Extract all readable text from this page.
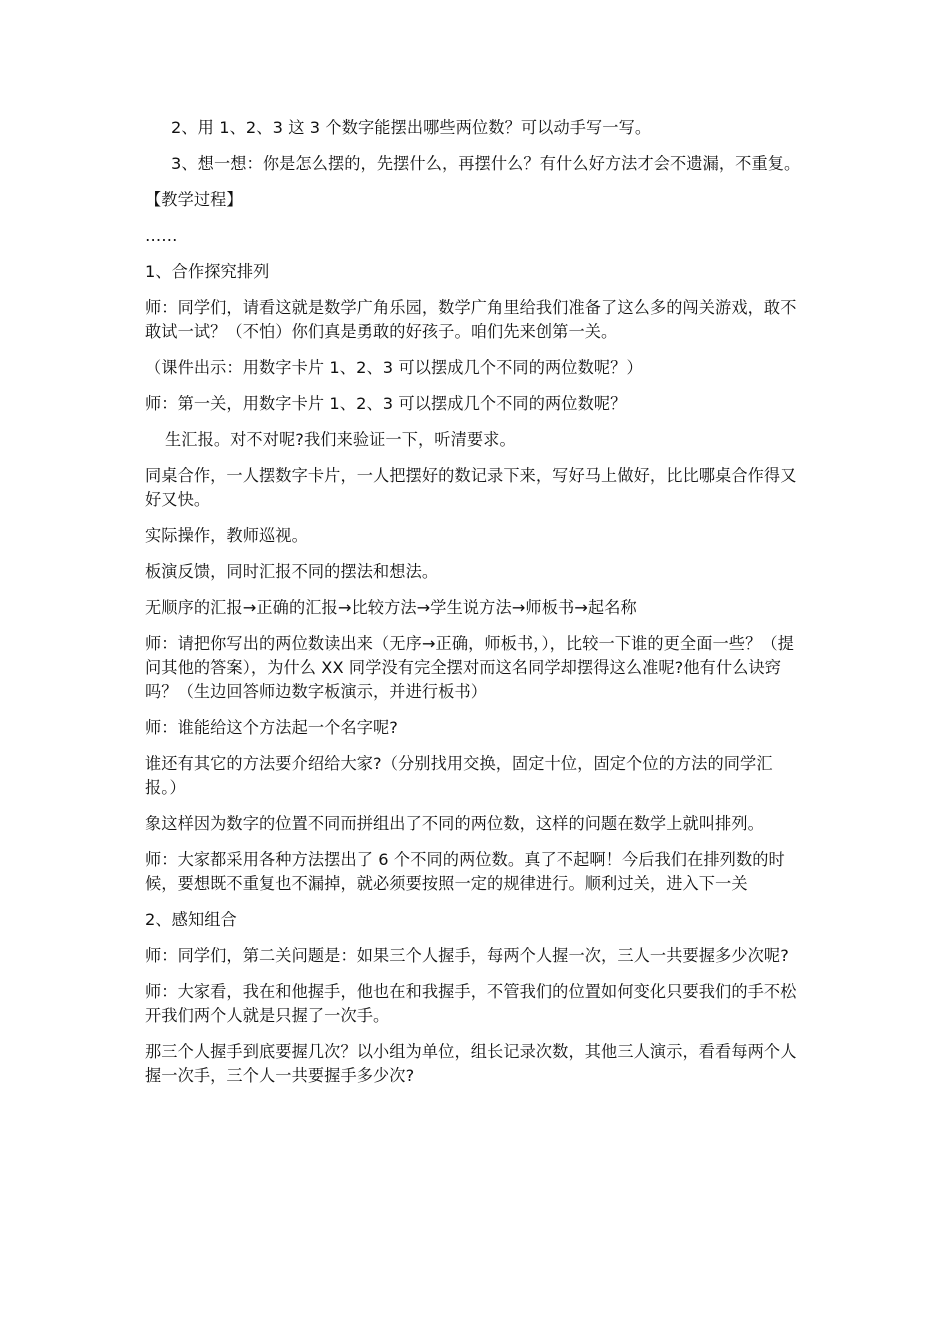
2、用 1、2、3 这 3 个数字能摆出哪些两位数？可以动手写一写。

3、想一想：你是怎么摆的，先摆什么，再摆什么？有什么好方法才会不遗漏，不重复。

【教学过程】

……

1、合作探究排列

师：同学们，请看这就是数学广角乐园，数学广角里给我们准备了这么多的闯关游戏，敢不敢试一试？（不怕）你们真是勇敢的好孩子。咱们先来创第一关。

（课件出示：用数字卡片 1、2、3 可以摆成几个不同的两位数呢？）

师：第一关，用数字卡片 1、2、3 可以摆成几个不同的两位数呢？

生汇报。对不对呢?我们来验证一下，听清要求。

同桌合作，一人摆数字卡片，一人把摆好的数记录下来，写好马上做好，比比哪桌合作得又好又快。

实际操作，教师巡视。

板演反馈，同时汇报不同的摆法和想法。

无顺序的汇报→正确的汇报→比较方法→学生说方法→师板书→起名称

师：请把你写出的两位数读出来（无序→正确，师板书，），比较一下谁的更全面一些？（提问其他的答案），为什么 XX 同学没有完全摆对而这名同学却摆得这么准呢?他有什么诀窍吗？（生边回答师边数字板演示，并进行板书）

师：谁能给这个方法起一个名字呢?

谁还有其它的方法要介绍给大家?（分别找用交换，固定十位，固定个位的方法的同学汇报。）

象这样因为数字的位置不同而拼组出了不同的两位数，这样的问题在数学上就叫排列。

师：大家都采用各种方法摆出了 6 个不同的两位数。真了不起啊！今后我们在排列数的时候，要想既不重复也不漏掉，就必须要按照一定的规律进行。顺利过关，进入下一关

2、感知组合

师：同学们，第二关问题是：如果三个人握手，每两个人握一次，三人一共要握多少次呢?

师：大家看，我在和他握手，他也在和我握手，不管我们的位置如何变化只要我们的手不松开我们两个人就是只握了一次手。

那三个人握手到底要握几次？以小组为单位，组长记录次数，其他三人演示，看看每两个人握一次手，三个人一共要握手多少次?
